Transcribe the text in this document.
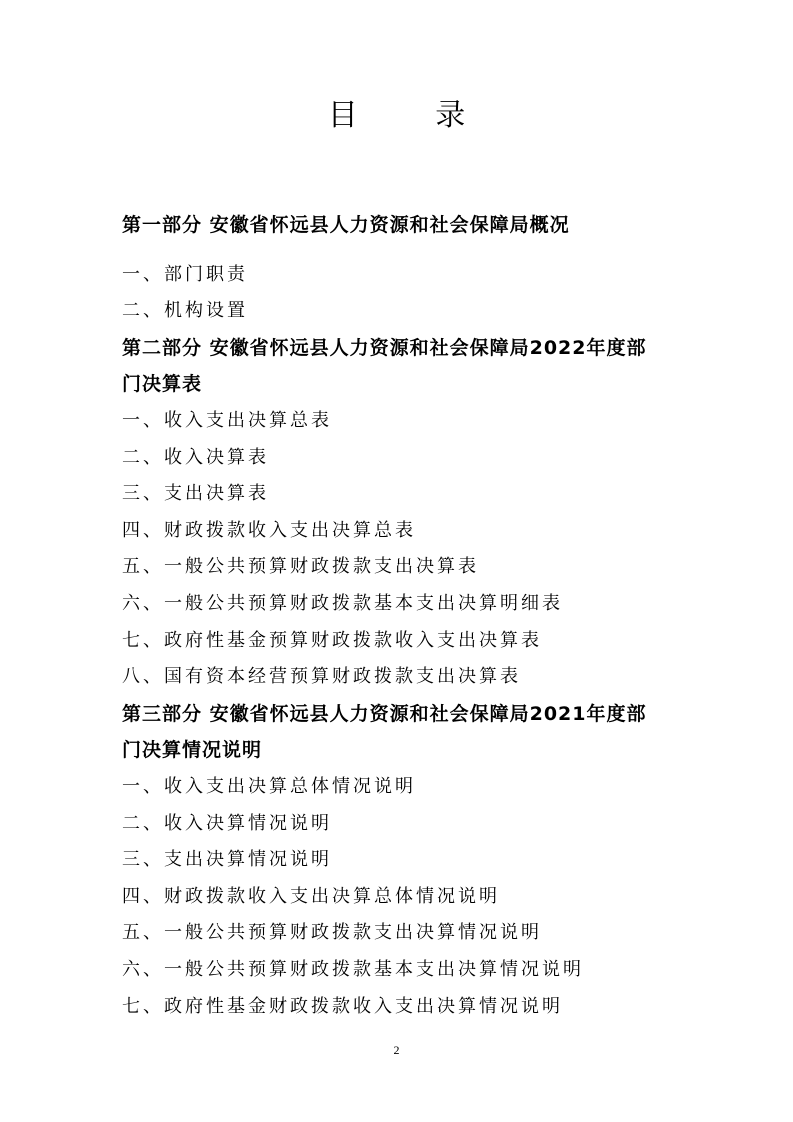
目 录
第一部分 安徽省怀远县人力资源和社会保障局概况
一、部门职责
二、机构设置
第二部分 安徽省怀远县人力资源和社会保障局2022年度部
门决算表
一、收入支出决算总表
二、收入决算表
三、支出决算表
四、财政拨款收入支出决算总表
五、一般公共预算财政拨款支出决算表
六、一般公共预算财政拨款基本支出决算明细表
七、政府性基金预算财政拨款收入支出决算表
八、国有资本经营预算财政拨款支出决算表
第三部分 安徽省怀远县人力资源和社会保障局2021年度部
门决算情况说明
一、收入支出决算总体情况说明
二、收入决算情况说明
三、支出决算情况说明
四、财政拨款收入支出决算总体情况说明
五、一般公共预算财政拨款支出决算情况说明
六、一般公共预算财政拨款基本支出决算情况说明
七、政府性基金财政拨款收入支出决算情况说明
2
